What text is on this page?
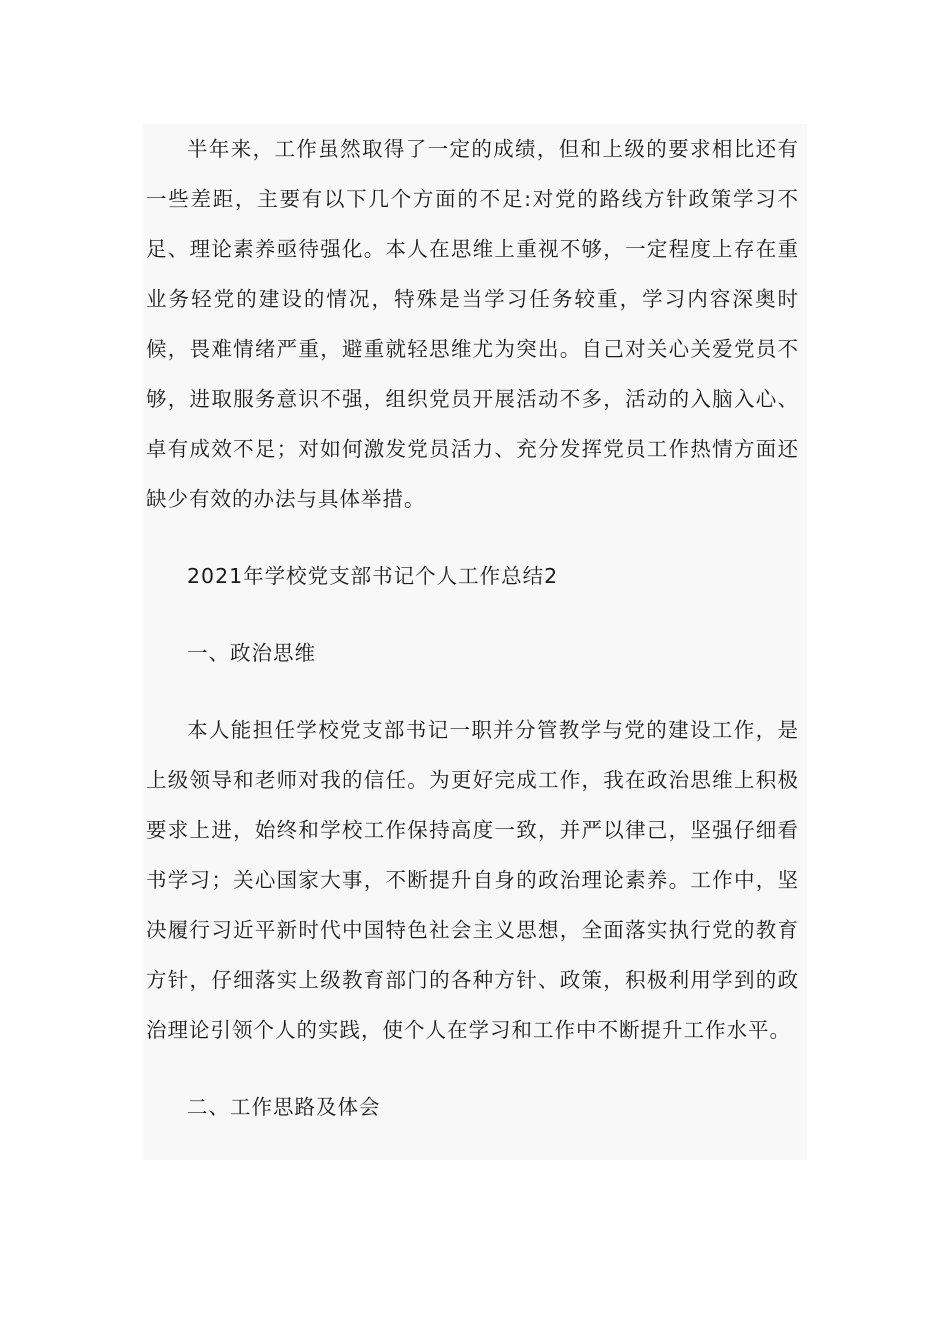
半年来，工作虽然取得了一定的成绩，但和上级的要求相比还有一些差距，主要有以下几个方面的不足:对党的路线方针政策学习不足、理论素养亟待强化。本人在思维上重视不够，一定程度上存在重业务轻党的建设的情况，特殊是当学习任务较重，学习内容深奥时候，畏难情绪严重，避重就轻思维尤为突出。自己对关心关爱党员不够，进取服务意识不强，组织党员开展活动不多，活动的入脑入心、卓有成效不足；对如何激发党员活力、充分发挥党员工作热情方面还缺少有效的办法与具体举措。

2021年学校党支部书记个人工作总结2

一、政治思维

本人能担任学校党支部书记一职并分管教学与党的建设工作，是上级领导和老师对我的信任。为更好完成工作，我在政治思维上积极要求上进，始终和学校工作保持高度一致，并严以律己，坚强仔细看书学习；关心国家大事，不断提升自身的政治理论素养。工作中，坚决履行习近平新时代中国特色社会主义思想，全面落实执行党的教育方针，仔细落实上级教育部门的各种方针、政策，积极利用学到的政治理论引领个人的实践，使个人在学习和工作中不断提升工作水平。

二、工作思路及体会
